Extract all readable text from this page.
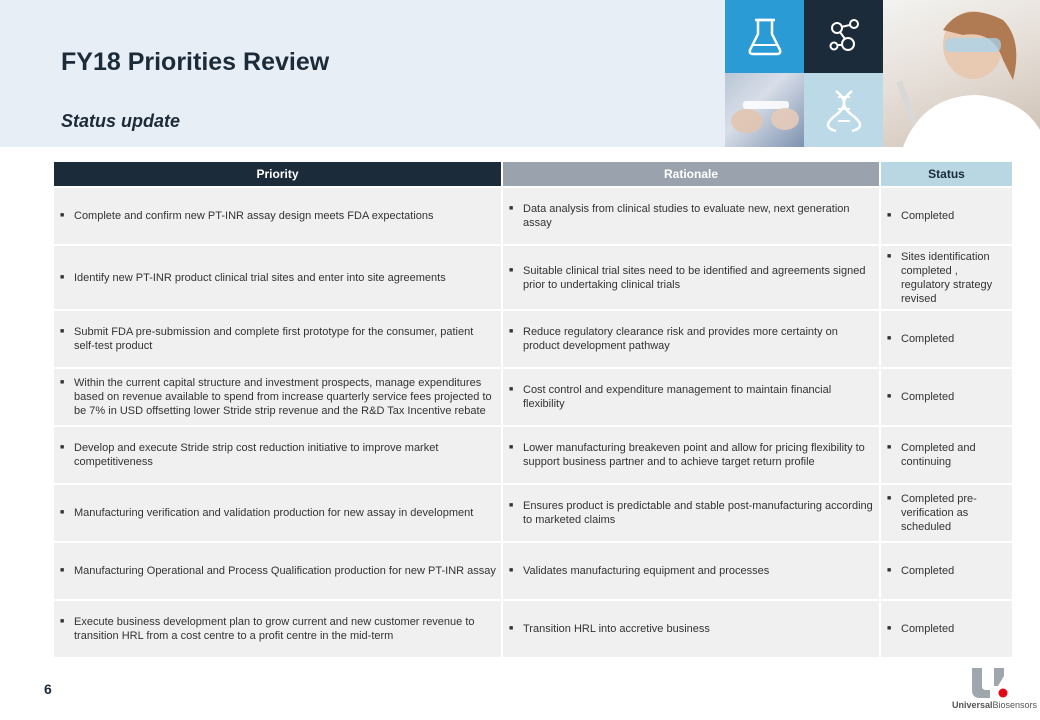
FY18 Priorities Review
Status update
Priority	Rationale	Status

■ Complete and confirm new PT-INR assay design meets FDA expectations	■ Data analysis from clinical studies to evaluate new, next generation assay	■ Completed

■ Identify new PT-INR product clinical trial sites and enter into site agreements	■ Suitable clinical trial sites need to be identified and agreements signed prior to undertaking clinical trials	■ Sites identification completed , regulatory strategy revised

■ Submit FDA pre-submission and complete first prototype for the consumer, patient self-test product	■ Reduce regulatory clearance risk and provides more certainty on product development pathway	■ Completed

■ Within the current capital structure and investment prospects, manage expenditures based on revenue available to spend from increase quarterly service fees projected to be 7% in USD offsetting lower Stride strip revenue and the R&D Tax Incentive rebate	■ Cost control and expenditure management to maintain financial flexibility	■ Completed

■ Develop and execute Stride strip cost reduction initiative to improve market competitiveness	■ Lower manufacturing breakeven point and allow for pricing flexibility to support business partner and to achieve target return profile	■ Completed and continuing

■ Manufacturing verification and validation production for new assay in development	■ Ensures product is predictable and stable post-manufacturing according to marketed claims	■ Completed pre-verification as scheduled

■ Manufacturing Operational and Process Qualification production for new PT-INR assay	■ Validates manufacturing equipment and processes	■ Completed

■ Execute business development plan to grow current and new customer revenue to transition HRL from a cost centre to a profit centre in the mid-term	■ Transition HRL into accretive business	■ Completed
6
UniversalBiosensors
